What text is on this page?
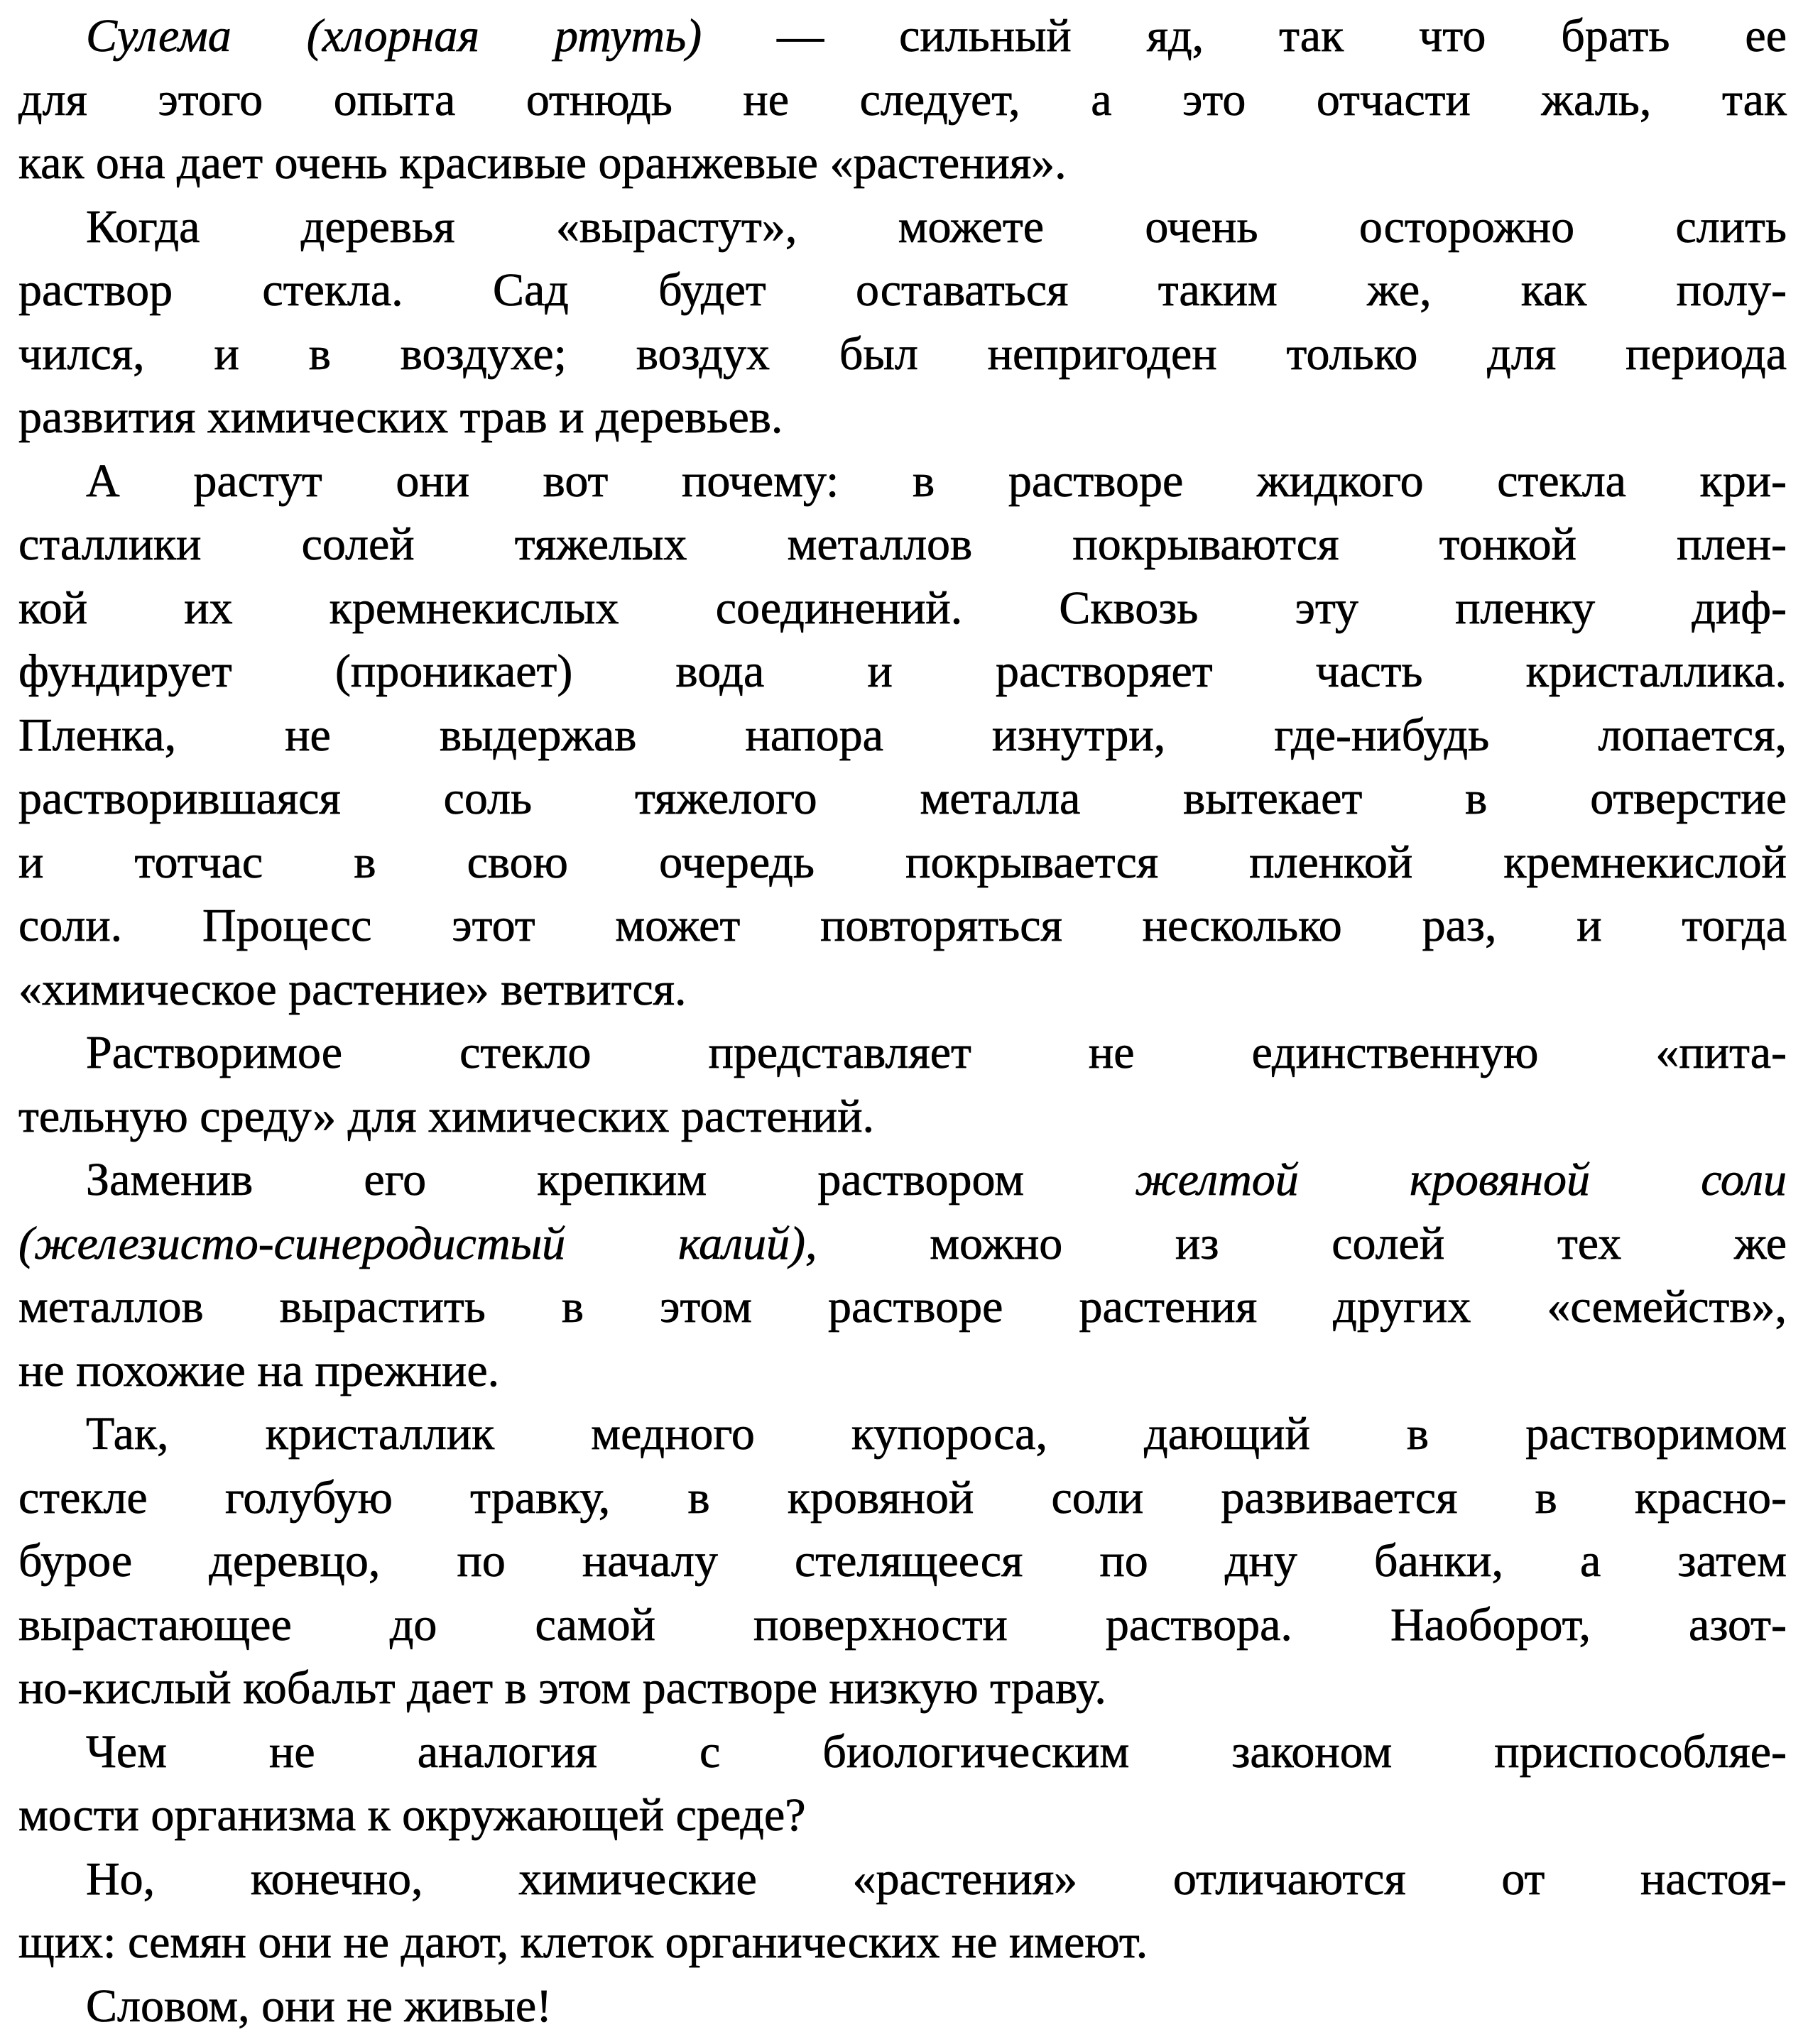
Сулема (хлорная ртуть) — сильный яд, так что брать ее
для этого опыта отнюдь не следует, а это отчасти жаль, так
как она дает очень красивые оранжевые «растения».
Когда деревья «вырастут», можете очень осторожно слить
раствор стекла. Сад будет оставаться таким же, как полу-
чился, и в воздухе; воздух был непригоден только для периода
развития химических трав и деревьев.
А растут они вот почему: в растворе жидкого стекла кри-
сталлики солей тяжелых металлов покрываются тонкой плен-
кой их кремнекислых соединений. Сквозь эту пленку диф-
фундирует (проникает) вода и растворяет часть кристаллика.
Пленка, не выдержав напора изнутри, где-нибудь лопается,
растворившаяся соль тяжелого металла вытекает в отверстие
и тотчас в свою очередь покрывается пленкой кремнекислой
соли. Процесс этот может повторяться несколько раз, и тогда
«химическое растение» ветвится.
Растворимое стекло представляет не единственную «пита-
тельную среду» для химических растений.
Заменив его крепким раствором желтой кровяной соли
(железисто-синеродистый калий), можно из солей тех же
металлов вырастить в этом растворе растения других «семейств»,
не похожие на прежние.
Так, кристаллик медного купороса, дающий в растворимом
стекле голубую травку, в кровяной соли развивается в красно-
бурое деревцо, по началу стелящееся по дну банки, а затем
вырастающее до самой поверхности раствора. Наоборот, азот-
но-кислый кобальт дает в этом растворе низкую траву.
Чем не аналогия с биологическим законом приспособляе-
мости организма к окружающей среде?
Но, конечно, химические «растения» отличаются от настоя-
щих: семян они не дают, клеток органических не имеют.
Словом, они не живые!
